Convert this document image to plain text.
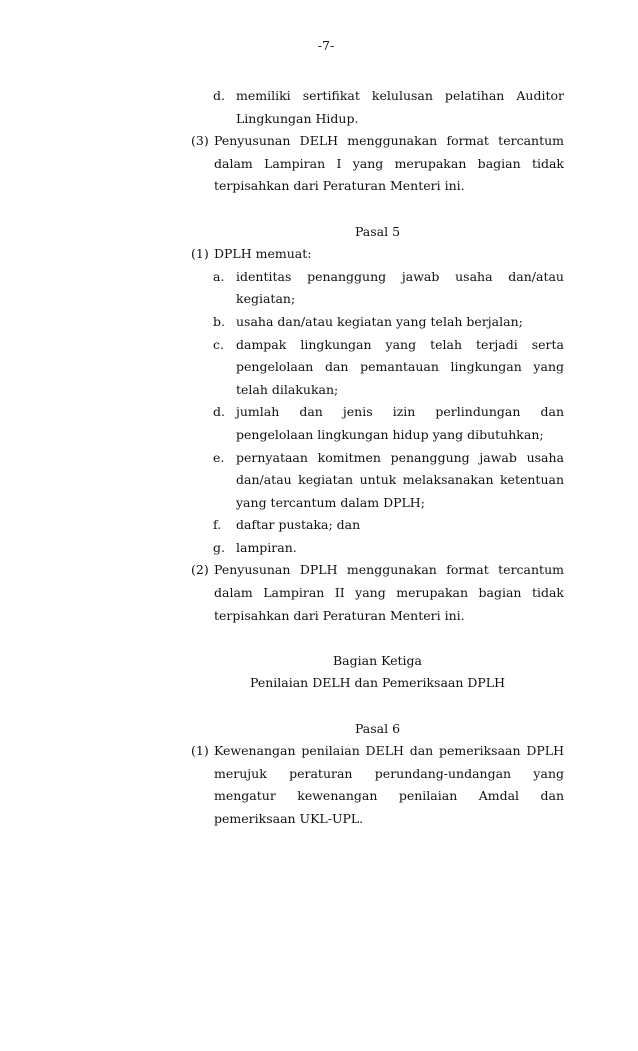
-7-
d. memiliki sertifikat kelulusan pelatihan Auditor Lingkungan Hidup.
(3) Penyusunan DELH menggunakan format tercantum dalam Lampiran I yang merupakan bagian tidak terpisahkan dari Peraturan Menteri ini.
Pasal 5
(1) DPLH memuat:
a. identitas penanggung jawab usaha dan/atau kegiatan;
b. usaha dan/atau kegiatan yang telah berjalan;
c. dampak lingkungan yang telah terjadi serta pengelolaan dan pemantauan lingkungan yang telah dilakukan;
d. jumlah dan jenis izin perlindungan dan pengelolaan lingkungan hidup yang dibutuhkan;
e. pernyataan komitmen penanggung jawab usaha dan/atau kegiatan untuk melaksanakan ketentuan yang tercantum dalam DPLH;
f. daftar pustaka; dan
g. lampiran.
(2) Penyusunan DPLH menggunakan format tercantum dalam Lampiran II yang merupakan bagian tidak terpisahkan dari Peraturan Menteri ini.
Bagian Ketiga
Penilaian DELH dan Pemeriksaan DPLH
Pasal 6
(1) Kewenangan penilaian DELH dan pemeriksaan DPLH merujuk peraturan perundang-undangan yang mengatur kewenangan penilaian Amdal dan pemeriksaan UKL-UPL.
